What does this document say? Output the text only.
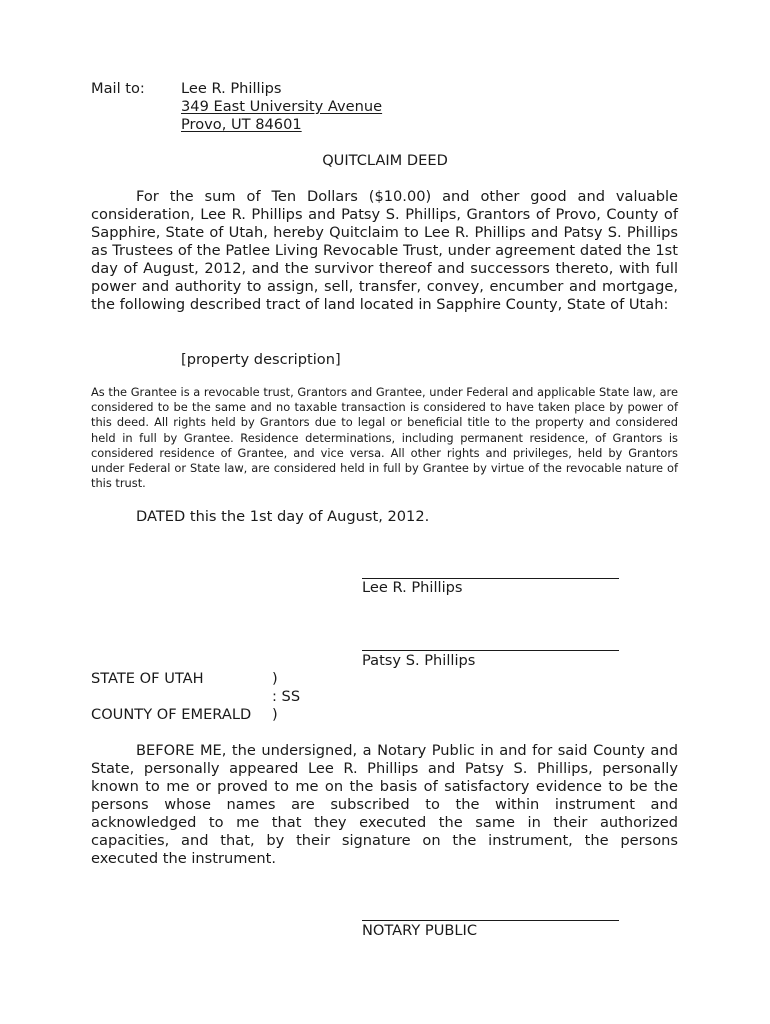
Mail to: Lee R. Phillips
349 East University Avenue
Provo, UT 84601
QUITCLAIM DEED
For the sum of Ten Dollars ($10.00) and other good and valuable consideration, Lee R. Phillips and Patsy S. Phillips, Grantors of Provo, County of Sapphire, State of Utah, hereby Quitclaim to Lee R. Phillips and Patsy S. Phillips as Trustees of the Patlee Living Revocable Trust, under agreement dated the 1st day of August, 2012, and the survivor thereof and successors thereto, with full power and authority to assign, sell, transfer, convey, encumber and mortgage, the following described tract of land located in Sapphire County, State of Utah:
[property description]
As the Grantee is a revocable trust, Grantors and Grantee, under Federal and applicable State law, are considered to be the same and no taxable transaction is considered to have taken place by power of this deed. All rights held by Grantors due to legal or beneficial title to the property and considered held in full by Grantee. Residence determinations, including permanent residence, of Grantors is considered residence of Grantee, and vice versa. All other rights and privileges, held by Grantors under Federal or State law, are considered held in full by Grantee by virtue of the revocable nature of this trust.
DATED this the 1st day of August, 2012.
Lee R. Phillips
Patsy S. Phillips
STATE OF UTAH	)
: SS
COUNTY OF EMERALD )
BEFORE ME, the undersigned, a Notary Public in and for said County and State, personally appeared Lee R. Phillips and Patsy S. Phillips, personally known to me or proved to me on the basis of satisfactory evidence to be the persons whose names are subscribed to the within instrument and acknowledged to me that they executed the same in their authorized capacities, and that, by their signature on the instrument, the persons executed the instrument.
NOTARY PUBLIC
